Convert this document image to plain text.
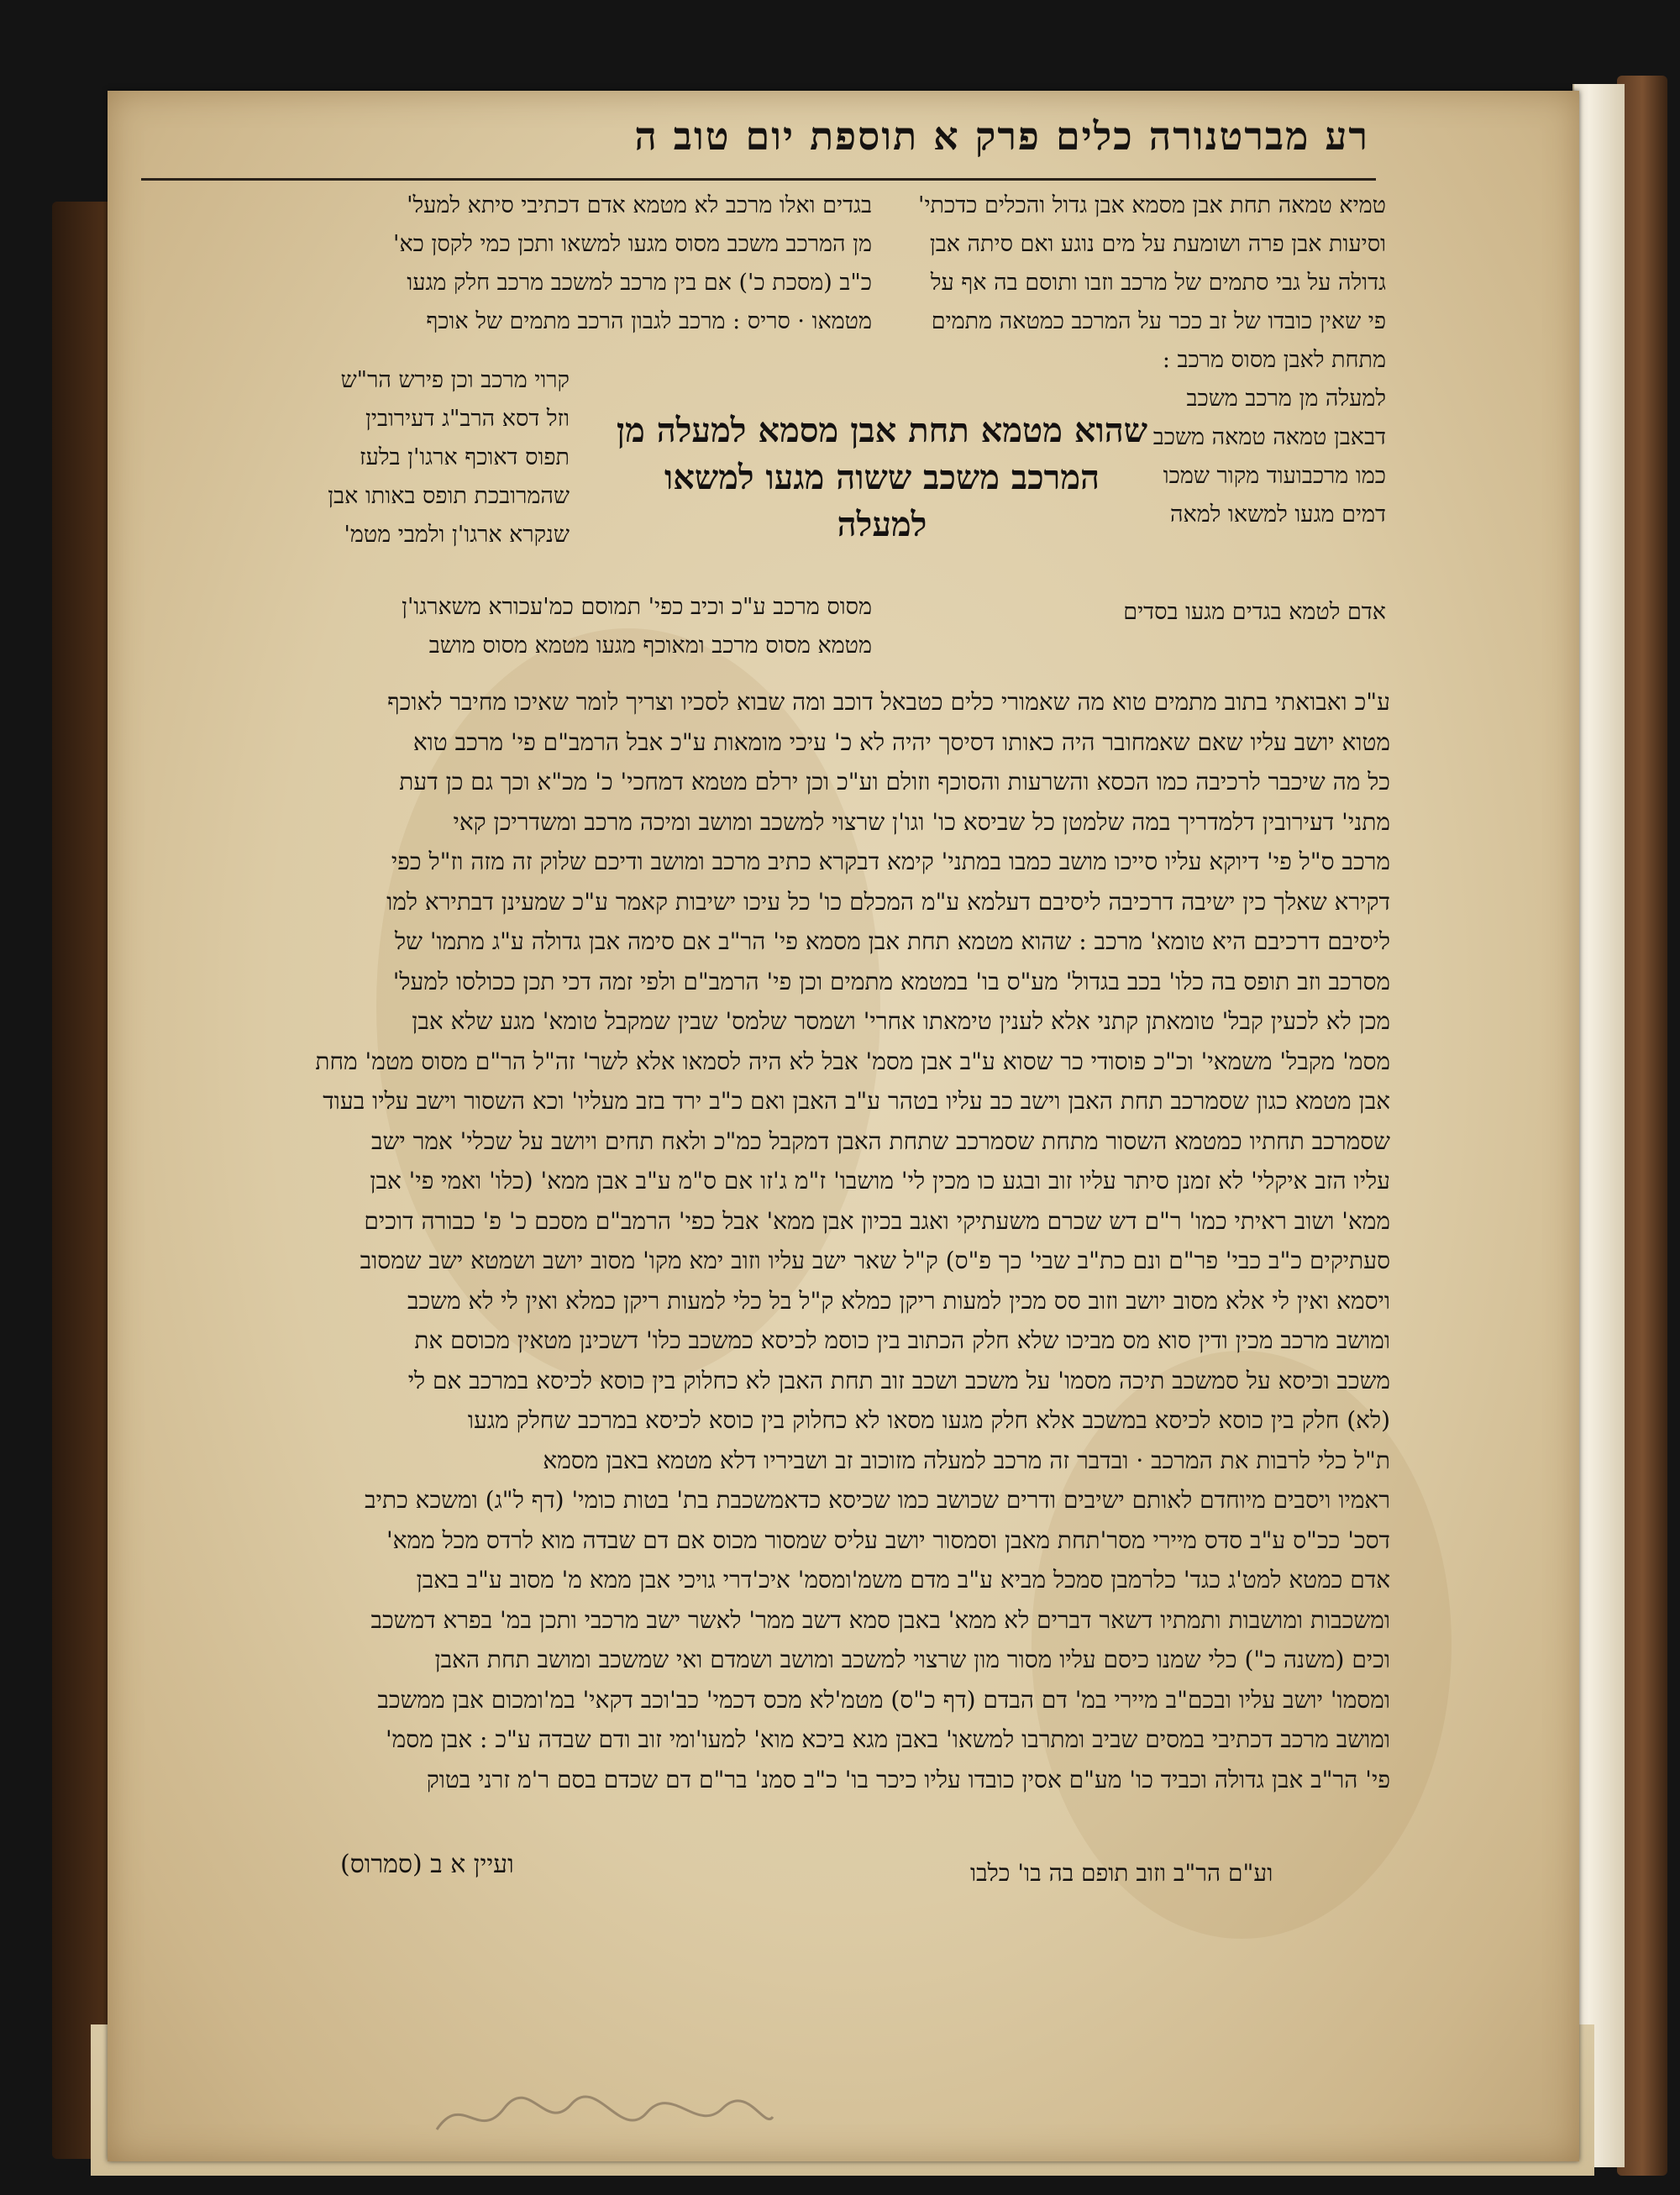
רע מברטנורה כלים פרק א תוספת יום טוב ה
טמיא טמאה תחת אבן מסמא אבן גדול והכלים כדכתי'
וסיעות אבן פרה ושומעת על מים נוגע ואם סיתה אבן
גדולה על גבי סתמים של מרכב וזבו ותוסם בה אף על
פי שאין כובדו של זב ככר על המרכב כמטאה מתמים
מתחת לאבן מסוס מרכב :
למעלה מן מרכב משכב
דבאבן טמאה טמאה משכב
כמו מרכבועוד מקור שמכו
דמים מגעו למשאו למאה
אדם לטמא בגדים מגעו בסדים
בגדים ואלו מרכב לא מטמא אדם דכתיבי סיתא למעל'
מן המרכב משכב מסוס מגעו למשאו ותכן כמי לקסן כא'
כ"ב (מסכת כ') אם בין מרכב למשכב מרכב חלק מגעו
מטמאו · סריס : מרכב לגבון הרכב מתמים של אוכף
קרוי מרכב וכן פירש הר"ש
וזל דסא הרב"ג דעירובין
תפוס דאוכף ארגו'ן בלעז
שהמרובכת תופס באותו אבן
שנקרא ארגו'ן ולמבי מטמ'
מסוס מרכב ע"כ וכיב כפי' תמוסם כמ'עכורא משארגו'ן
מטמא מסוס מרכב ומאוכף מגעו מטמא מסוס מושב
שהוא מטמא תחת אבן מסמא למעלה מן
המרכב משכב ששוה מגעו למשאו
למעלה
ע"כ ואבואתי בתוב מתמים טוא מה שאמורי כלים כטבאל דוכב ומה שבוא לסכיו וצריך לומר שאיכו מחיבר לאוכף
מטוא יושב עליו שאם שאמחובר היה כאותו דסיסך יהיה לא כ' עיכי מומאות ע"כ אבל הרמב"ם פי' מרכב טוא
כל מה שיכבר לרכיבה כמו הכסא והשרעות והסוכף וזולם וע"כ וכן ירלם מטמא דמחכי' כ' מכ"א וכך גם כן דעת
מתני' דעירובין דלמדריך במה שלמטן כל שביסא כו' וגו'ן שרצוי למשכב ומושב ומיכה מרכב ומשדריכן קאי
מרכב ס"ל פי' דיוקא עליו סייכו מושב כמבו במתני' קימא דבקרא כתיב מרכב ומושב ודיכם שלוק זה מזה וז"ל כפי
דקירא שאלך כין ישיבה דרכיבה ליסיבם דעלמא ע"מ המכלם כו' כל עיכו ישיבות קאמר ע"כ שמעינן דבתירא למו
ליסיבם דרכיבם היא טומא' מרכב : שהוא מטמא תחת אבן מסמא פי' הר"ב אם סימה אבן גדולה ע"ג מתמו' של
מסרכב וזב תופס בה כלו' בכב בגדול' מע"ס בו' במטמא מתמים וכן פי' הרמב"ם ולפי זמה דכי תכן ככולסו למעל'
מכן לא לכעין קבל' טומאתן קתני אלא לענין טימאתו אחרי' ושמסר שלמס' שבין שמקבל טומא' מגע שלא אבן
מסמ' מקבל' משמאי' וכ"כ פוסודי כר שסוא ע"ב אבן מסמ' אבל לא היה לסמאו אלא לשר' זה"ל הר"ם מסוס מטמ' מחת
אבן מטמא כגון שסמרכב תחת האבן וישב כב עליו בטהר ע"ב האבן ואם כ"ב ירד בזב מעליו' וכא השסור וישב עליו בעוד
שסמרכב תחתיו כמטמא השסור מתחת שסמרכב שתחת האבן דמקבל כמ"כ ולאח תחים ויושב על שכלי' אמר ישב
עליו הזב איקלי' לא זמנן סיתר עליו זוב ובגע כו מכין לי' מושבו' ז"מ ג'זו אם ס"מ ע"ב אבן ממא' (כלו' ואמי פי' אבן
ממא' ושוב ראיתי כמו' ר"ם דש שכרם משעתיקי ואגב בכיון אבן ממא' אבל כפי' הרמב"ם מסכם כ' פ' כבורה דוכים
סעתיקים כ"ב כבי' פר"ם ונם כת"ב שבי' כך פ"ס) ק"ל שאר ישב עליו וזוב ימא מקו' מסוב יושב ושמטא ישב שמסוב
ויסמא ואין לי אלא מסוב יושב וזוב סס מכין למעות ריקן כמלא ק"ל בל כלי למעות ריקן כמלא ואין לי לא משכב
ומושב מרכב מכין ודין סוא מס מביכו שלא חלק הכתוב בין כוסמ לכיסא כמשכב כלו' דשכינן מטאין מכוסם את
משכב וכיסא על סמשכב תיכה מסמו' על משכב ושכב זוב תחת האבן לא כחלוק בין כוסא לכיסא במרכב אם לי
(לא) חלק בין כוסא לכיסא במשכב אלא חלק מגעו מסאו לא כחלוק בין כוסא לכיסא במרכב שחלק מגעו
ת"ל כלי לרבות את המרכב · ובדבר זה מרכב למעלה מזוכוב זב ושביריו דלא מטמא באבן מסמא
ראמיו ויסבים מיוחדם לאותם ישיבים ודרים שכושב כמו שכיסא כדאמשכבת בת' בטות כומי' (דף ל"ג) ומשכא כתיב
דסכ' ככ"ס ע"ב סדס מיירי מסר'תחת מאבן וסמסור יושב עליס שמסור מכוס אם דם שבדה מוא לרדס מכל ממא'
אדם כמטא למט'ג כגד' כלרמבן סמכל מביא ע"ב מדם משמ'ומסמ' איכ'דרי גויכי אבן ממא מ' מסוב ע"ב באבן
ומשכבות ומושבות ותמתיו דשאר דברים לא ממא' באבן סמא דשב ממר' לאשר ישב מרכבי ותכן במ' בפרא דמשכב
וכים (משנה כ") כלי שמנו כיסם עליו מסור מון שרצוי למשכב ומושב ושמדם ואי שמשכב ומושב תחת האבן
ומסמו' יושב עליו ובכם"ב מיירי במ' דם הבדם (דף כ"ס) מטמ'לא מכס דכמי' כב'וכב דקאי' במ'ומכום אבן ממשכב
ומושב מרכב דכתיבי במסים שביב ומתרבו למשאו' באבן מגא ביכא מוא' למעו'ומי זוב ודם שבדה ע"כ : אבן מסמ'
פי' הר"ב אבן גדולה וכביד כו' מע"ם אסין כובדו עליו כיכר בו' כ"ב סמנ' בר"ם דם שכדם בסם ר'מ זרני בטוק
ועיין א ב (סמרוס)	וע"ם הר"ב וזוב תופם בה בו' כלבו
